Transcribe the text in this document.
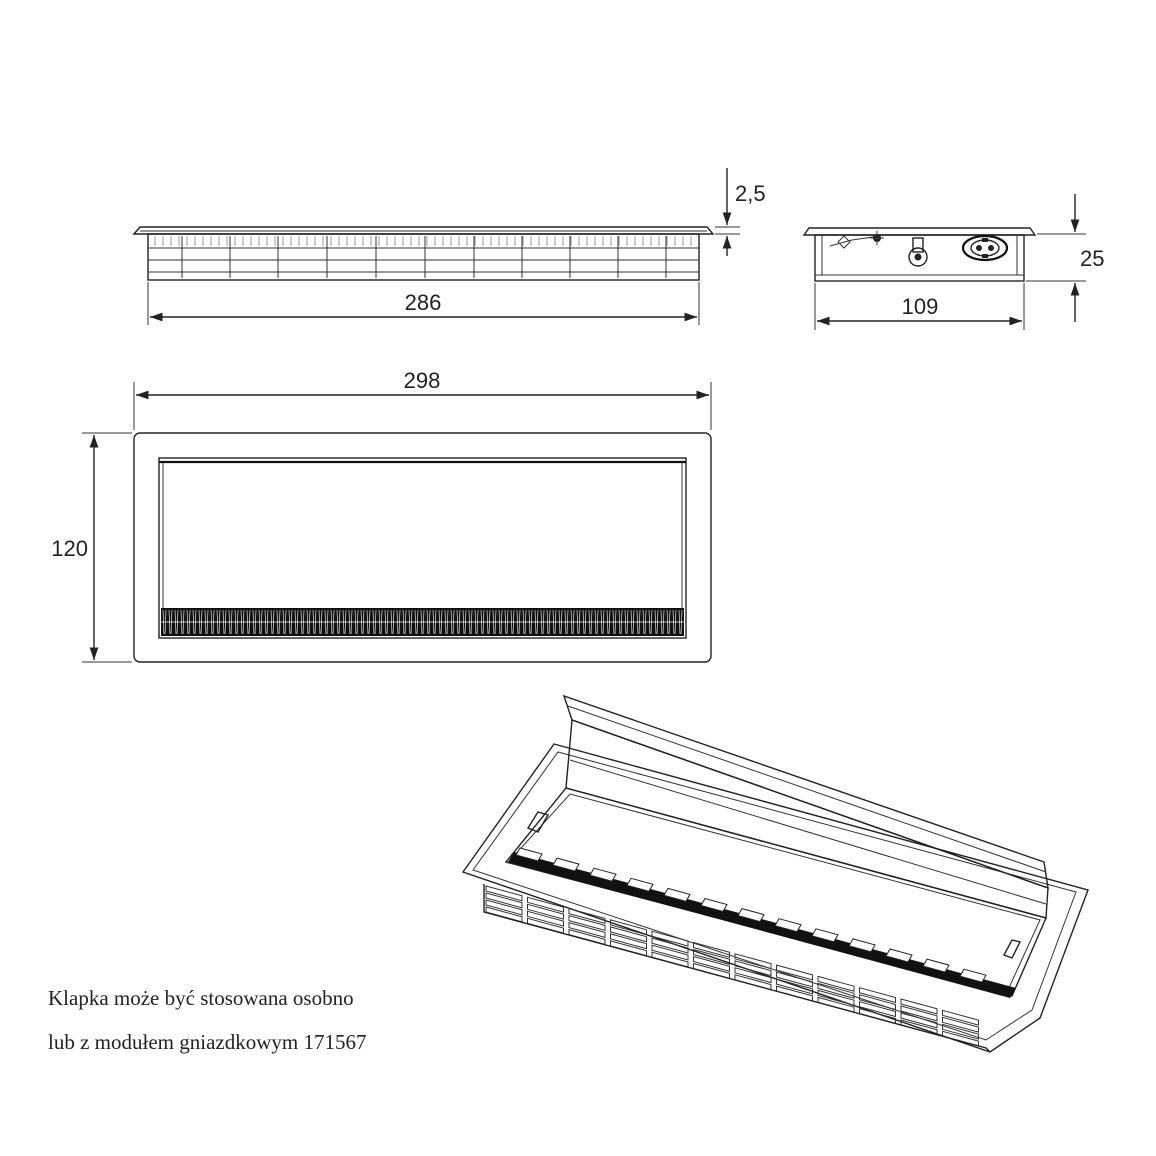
2,5
286
25
109
298
120
Klapka może być stosowana osobno
lub z modułem gniazdkowym 171567
